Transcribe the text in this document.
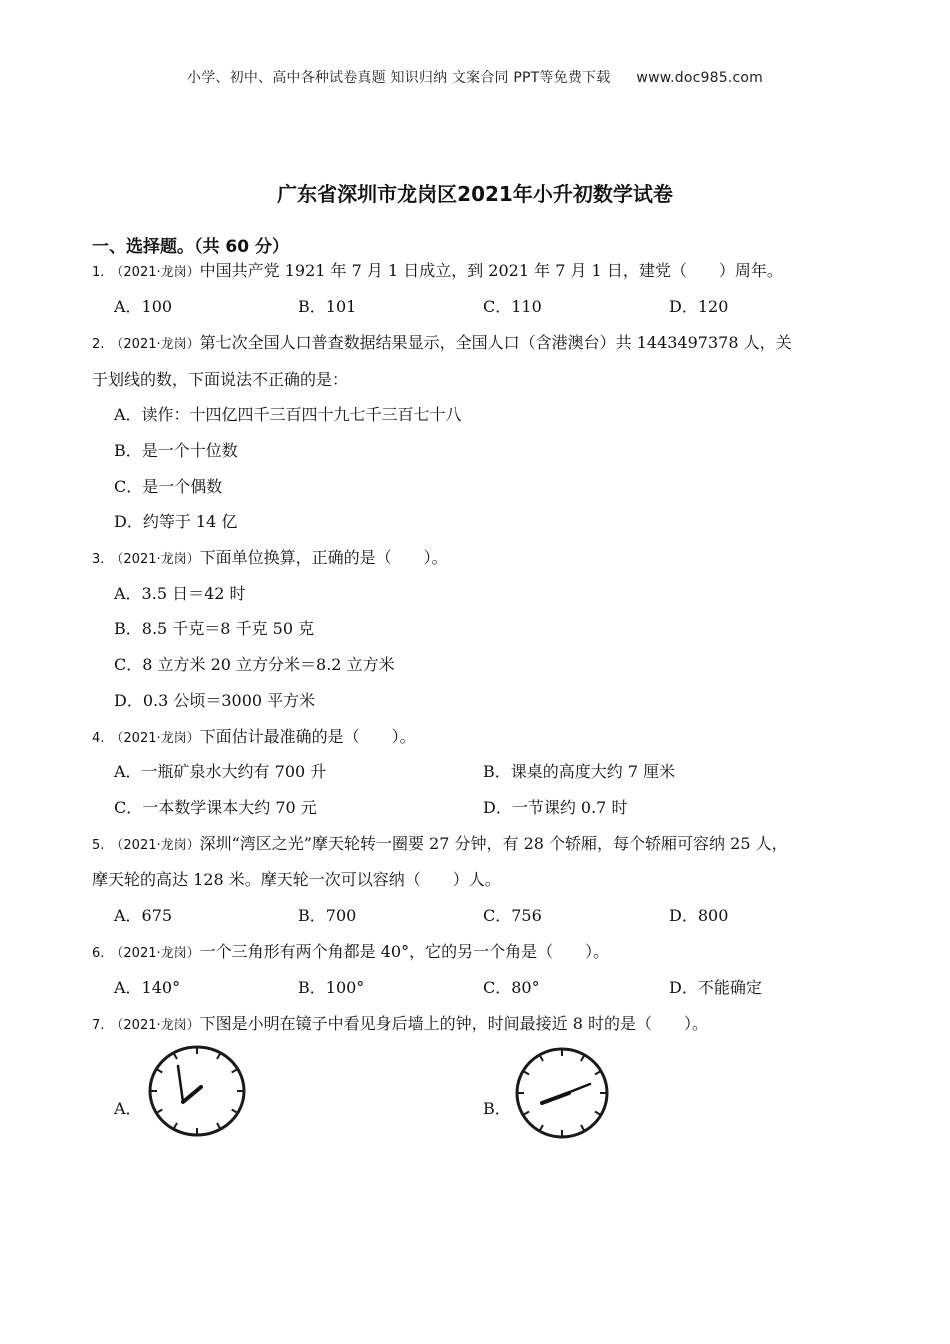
小学、初中、高中各种试卷真题 知识归纳 文案合同 PPT等免费下载 www.doc985.com
广东省深圳市龙岗区2021年小升初数学试卷
一、选择题。（共 60 分）
1. （2021·龙岗）中国共产党 1921 年 7 月 1 日成立，到 2021 年 7 月 1 日，建党（　　）周年。
A．100	B．101	C．110	D．120
2. （2021·龙岗）第七次全国人口普查数据结果显示，全国人口（含港澳台）共 1443497378 人，关
于划线的数，下面说法不正确的是：
A．读作：十四亿四千三百四十九七千三百七十八
B．是一个十位数
C．是一个偶数
D．约等于 14 亿
3. （2021·龙岗）下面单位换算，正确的是（　　）。
A．3.5 日＝42 时
B．8.5 千克＝8 千克 50 克
C．8 立方米 20 立方分米＝8.2 立方米
D．0.3 公顷＝3000 平方米
4. （2021·龙岗）下面估计最准确的是（　　）。
A．一瓶矿泉水大约有 700 升	B．课桌的高度大约 7 厘米
C．一本数学课本大约 70 元	D．一节课约 0.7 时
5. （2021·龙岗）深圳“湾区之光”摩天轮转一圈要 27 分钟，有 28 个轿厢，每个轿厢可容纳 25 人，
摩天轮的高达 128 米。摩天轮一次可以容纳（　　）人。
A．675	B．700	C．756	D．800
6. （2021·龙岗）一个三角形有两个角都是 40°，它的另一个角是（　　）。
A．140°	B．100°	C．80°	D．不能确定
7. （2021·龙岗）下图是小明在镜子中看见身后墙上的钟，时间最接近 8 时的是（　　）。
A．	B．
